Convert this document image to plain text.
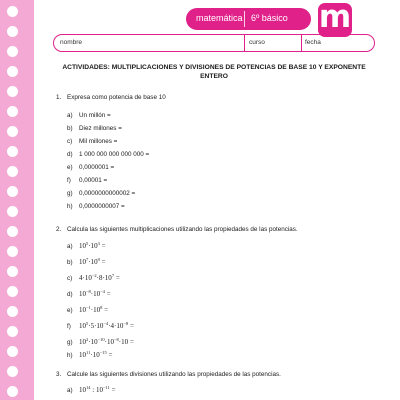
matemática 6º básico m
nombre	curso	fecha
ACTIVIDADES: MULTIPLICACIONES Y DIVISIONES DE POTENCIAS DE BASE 10 Y EXPONENTE
ENTERO
1. Expresa como potencia de base 10
a) Un millón =
b) Diez millones =
c) Mil millones =
d) 1 000 000 000 000 000 =
e) 0,0000001 =
f) 0,00001 =
g) 0,0000000000002 =
h) 0,0000000007 =
2. Calcula las siguientes multiplicaciones utilizando las propiedades de las potencias.
a) $10^5\cdot 10^3$ =
b) $10^7\cdot 10^9$ =
c) $4\cdot 10^{-2}\cdot 8\cdot 10^7$ =
d) $10^{-8}\cdot 10^{-4}$ =
e) $10^{-1}\cdot 10^8$ =
f) $10^5\cdot 5\cdot 10^{-4}\cdot 4\cdot 10^{-8}$ =
g) $10^2\cdot 10^{-10}\cdot 10^{-8}\cdot 10$ =
h) $10^{11}\cdot 10^{-15}$ =
3. Calcule las siguientes divisiones utilizando las propiedades de las potencias.
a) $10^{14}$ : $10^{-11}$ =
